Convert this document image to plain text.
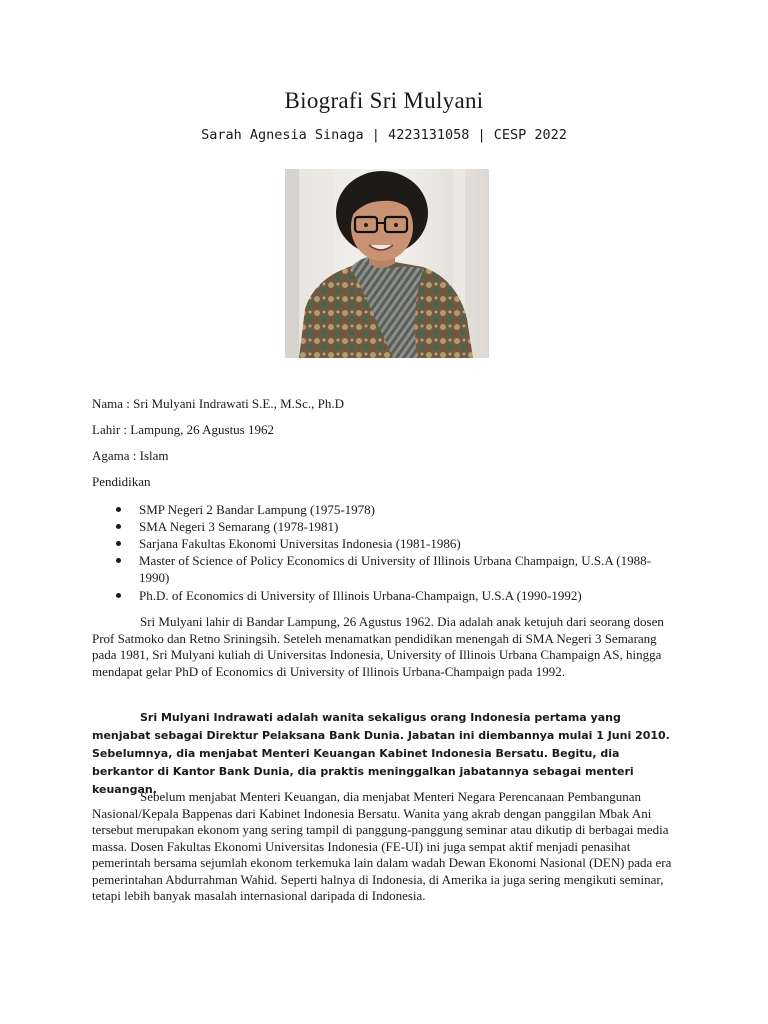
Biografi Sri Mulyani
Sarah Agnesia Sinaga | 4223131058 | CESP 2022
Nama : Sri Mulyani Indrawati S.E., M.Sc., Ph.D
Lahir : Lampung, 26 Agustus 1962
Agama : Islam
Pendidikan
SMP Negeri 2 Bandar Lampung (1975-1978)
SMA Negeri 3 Semarang (1978-1981)
Sarjana Fakultas Ekonomi Universitas Indonesia (1981-1986)
Master of Science of Policy Economics di University of Illinois Urbana Champaign, U.S.A (1988-1990)
Ph.D. of Economics di University of Illinois Urbana-Champaign, U.S.A (1990-1992)

Sri Mulyani lahir di Bandar Lampung, 26 Agustus 1962. Dia adalah anak ketujuh dari seorang dosen Prof Satmoko dan Retno Sriningsih. Seteleh menamatkan pendidikan menengah di SMA Negeri 3 Semarang pada 1981, Sri Mulyani kuliah di Universitas Indonesia, University of Illinois Urbana Champaign AS, hingga mendapat gelar PhD of Economics di University of Illinois Urbana-Champaign pada 1992.

Sri Mulyani Indrawati adalah wanita sekaligus orang Indonesia pertama yang menjabat sebagai Direktur Pelaksana Bank Dunia. Jabatan ini diembannya mulai 1 Juni 2010. Sebelumnya, dia menjabat Menteri Keuangan Kabinet Indonesia Bersatu. Begitu, dia berkantor di Kantor Bank Dunia, dia praktis meninggalkan jabatannya sebagai menteri keuangan.

Sebelum menjabat Menteri Keuangan, dia menjabat Menteri Negara Perencanaan Pembangunan Nasional/Kepala Bappenas dari Kabinet Indonesia Bersatu. Wanita yang akrab dengan panggilan Mbak Ani tersebut merupakan ekonom yang sering tampil di panggung-panggung seminar atau dikutip di berbagai media massa. Dosen Fakultas Ekonomi Universitas Indonesia (FE-UI) ini juga sempat aktif menjadi penasihat pemerintah bersama sejumlah ekonom terkemuka lain dalam wadah Dewan Ekonomi Nasional (DEN) pada era pemerintahan Abdurrahman Wahid. Seperti halnya di Indonesia, di Amerika ia juga sering mengikuti seminar, tetapi lebih banyak masalah internasional daripada di Indonesia.
